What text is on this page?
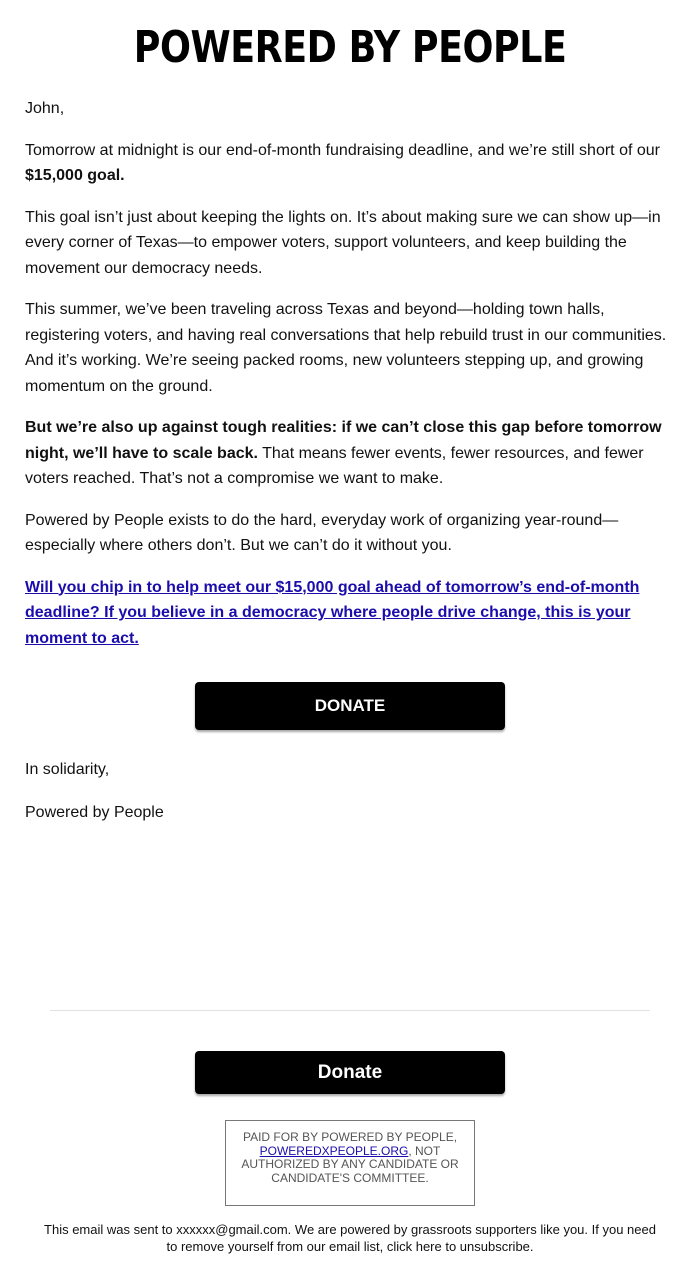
POWERED BY PEOPLE

John,

Tomorrow at midnight is our end-of-month fundraising deadline, and we’re still short of our $15,000 goal.

This goal isn’t just about keeping the lights on. It’s about making sure we can show up—in every corner of Texas—to empower voters, support volunteers, and keep building the movement our democracy needs.

This summer, we’ve been traveling across Texas and beyond—holding town halls, registering voters, and having real conversations that help rebuild trust in our communities. And it’s working. We’re seeing packed rooms, new volunteers stepping up, and growing momentum on the ground.

But we’re also up against tough realities: if we can’t close this gap before tomorrow night, we’ll have to scale back. That means fewer events, fewer resources, and fewer voters reached. That’s not a compromise we want to make.

Powered by People exists to do the hard, everyday work of organizing year-round—especially where others don’t. But we can’t do it without you.

Will you chip in to help meet our $15,000 goal ahead of tomorrow’s end-of-month deadline? If you believe in a democracy where people drive change, this is your moment to act.

DONATE
In solidarity,
Powered by People
Donate
PAID FOR BY POWERED BY PEOPLE, POWEREDXPEOPLE.ORG, NOT AUTHORIZED BY ANY CANDIDATE OR CANDIDATE'S COMMITTEE.
This email was sent to xxxxxx@gmail.com. We are powered by grassroots supporters like you. If you need to remove yourself from our email list, click here to unsubscribe.
